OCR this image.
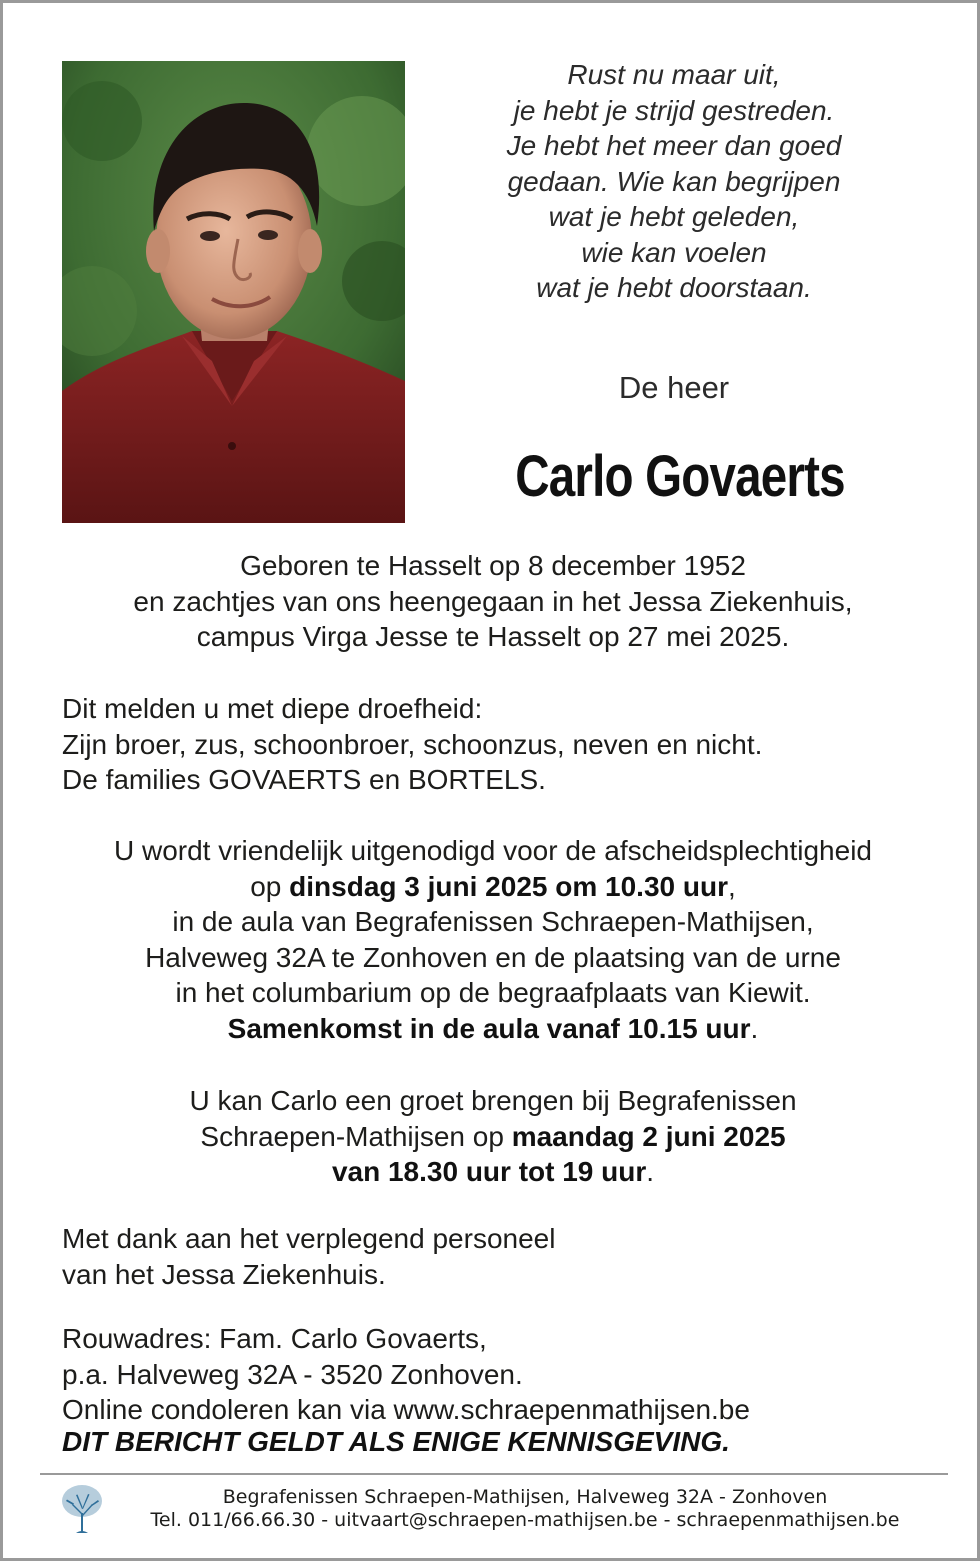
Rust nu maar uit,
je hebt je strijd gestreden.
Je hebt het meer dan goed
gedaan. Wie kan begrijpen
wat je hebt geleden,
wie kan voelen
wat je hebt doorstaan.
De heer
Carlo Govaerts
Geboren te Hasselt op 8 december 1952
en zachtjes van ons heengegaan in het Jessa Ziekenhuis,
campus Virga Jesse te Hasselt op 27 mei 2025.
Dit melden u met diepe droefheid:
Zijn broer, zus, schoonbroer, schoonzus, neven en nicht.
De families GOVAERTS en BORTELS.
U wordt vriendelijk uitgenodigd voor de afscheidsplechtigheid
op dinsdag 3 juni 2025 om 10.30 uur,
in de aula van Begrafenissen Schraepen-Mathijsen,
Halveweg 32A te Zonhoven en de plaatsing van de urne
in het columbarium op de begraafplaats van Kiewit.
Samenkomst in de aula vanaf 10.15 uur.
U kan Carlo een groet brengen bij Begrafenissen
Schraepen-Mathijsen op maandag 2 juni 2025
van 18.30 uur tot 19 uur.
Met dank aan het verplegend personeel
van het Jessa Ziekenhuis.
Rouwadres: Fam. Carlo Govaerts,
p.a. Halveweg 32A - 3520 Zonhoven.
Online condoleren kan via www.schraepenmathijsen.be
DIT BERICHT GELDT ALS ENIGE KENNISGEVING.
Begrafenissen Schraepen-Mathijsen, Halveweg 32A - Zonhoven
Tel. 011/66.66.30 - uitvaart@schraepen-mathijsen.be - schraepenmathijsen.be
